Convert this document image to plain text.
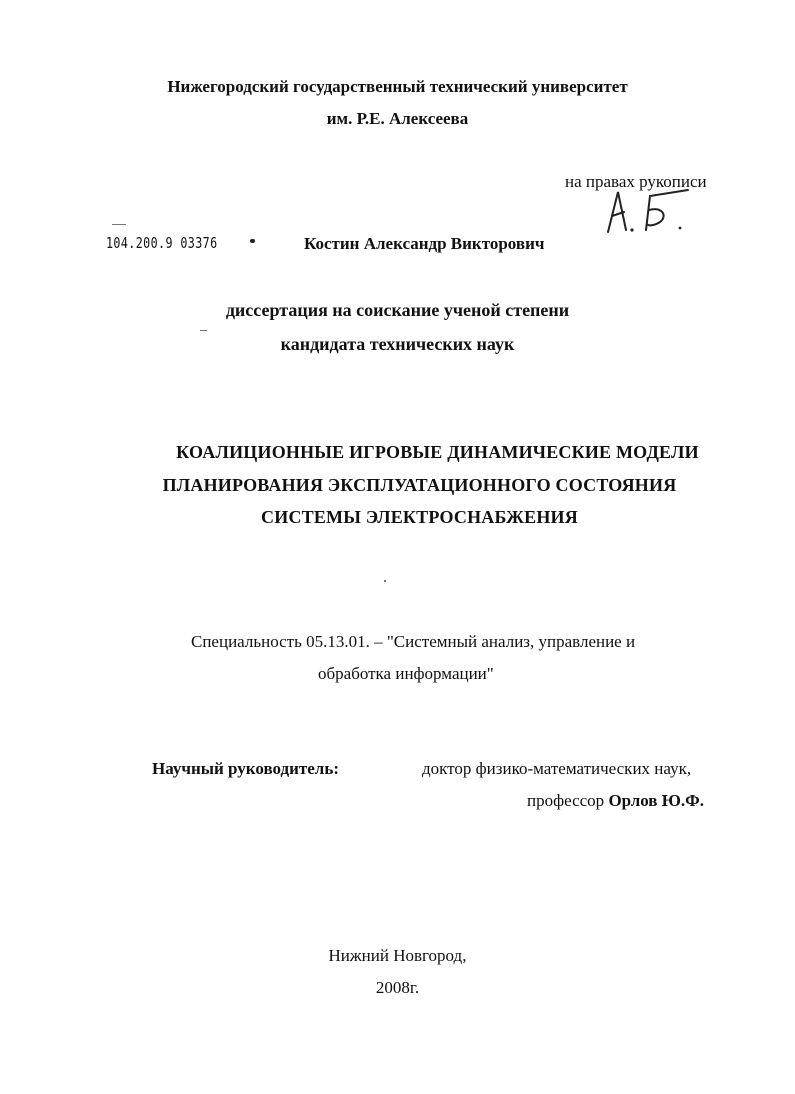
Нижегородский государственный технический университет
им. Р.Е. Алексеева
на правах рукописи
104.200.9 03376	Костин Александр Викторович
диссертация на соискание ученой степени
кандидата технических наук
КОАЛИЦИОННЫЕ ИГРОВЫЕ ДИНАМИЧЕСКИЕ МОДЕЛИ
ПЛАНИРОВАНИЯ ЭКСПЛУАТАЦИОННОГО СОСТОЯНИЯ
СИСТЕМЫ ЭЛЕКТРОСНАБЖЕНИЯ
Специальность 05.13.01. – "Системный анализ, управление и
обработка информации"
Научный руководитель:	доктор физико-математических наук,
профессор Орлов Ю.Ф.
Нижний Новгород,
2008г.
